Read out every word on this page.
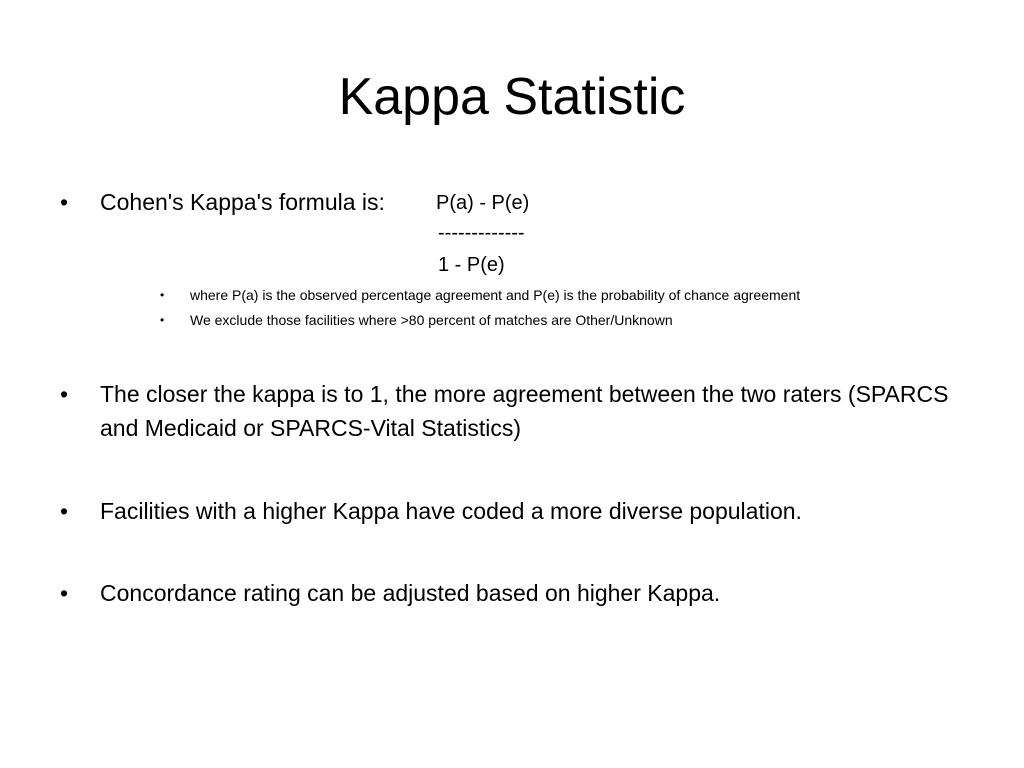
Kappa Statistic
•	Cohen's Kappa's formula is:	P(a) - P(e)
-------------
1 - P(e)
• where P(a) is the observed percentage agreement and P(e) is the probability of chance agreement
• We exclude those facilities where >80 percent of matches are Other/Unknown
•	The closer the kappa is to 1, the more agreement between the two raters (SPARCS and Medicaid or SPARCS-Vital Statistics)
•	Facilities with a higher Kappa have coded a more diverse population.
•	Concordance rating can be adjusted based on higher Kappa.
